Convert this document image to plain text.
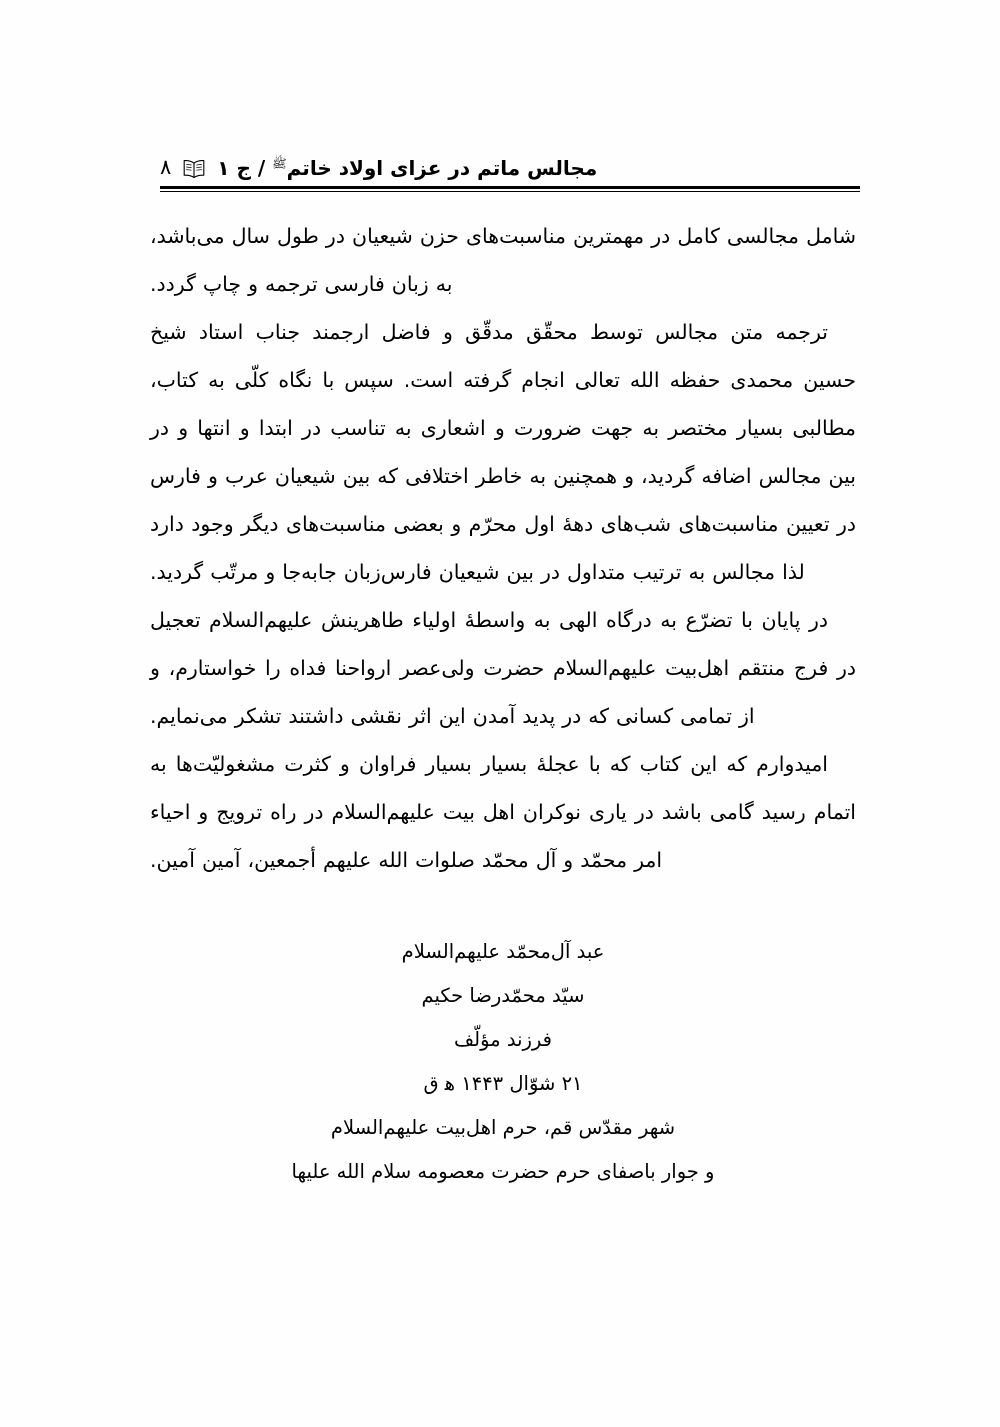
۸	مجالس ماتم در عزای اولاد خاتم$^ﷺ$ / ج ۱

شامل مجالسی کامل در مهمترین مناسبت‌های حزن شیعیان در طول سال می‌باشد، به زبان فارسی ترجمه و چاپ گردد.

ترجمه متن مجالس توسط محقّق مدقّق و فاضل ارجمند جناب استاد شیخ حسین محمدی حفظه الله تعالی انجام گرفته است. سپس با نگاه کلّی به کتاب، مطالبی بسیار مختصر به جهت ضرورت و اشعاری به تناسب در ابتدا و انتها و در بین مجالس اضافه گردید، و همچنین به خاطر اختلافی که بین شیعیان عرب و فارس در تعیین مناسبت‌های شب‌های دههٔ اول محرّم و بعضی مناسبت‌های دیگر وجود دارد لذا مجالس به ترتیب متداول در بین شیعیان فارس‌زبان جابه‌جا و مرتّب گردید.

در پایان با تضرّع به درگاه الهی به واسطهٔ اولیاء طاهرینش علیهم‌السلام تعجیل در فرج منتقم اهل‌بیت علیهم‌السلام حضرت ولی‌عصر ارواحنا فداه را خواستارم، و از تمامی کسانی که در پدید آمدن این اثر نقشی داشتند تشکر می‌نمایم.

امیدوارم که این کتاب که با عجلهٔ بسیار بسیار فراوان و کثرت مشغولیّت‌ها به اتمام رسید گامی باشد در یاری نوکران اهل بیت علیهم‌السلام در راه ترویج و احیاء امر محمّد و آل محمّد صلوات الله علیهم أجمعین، آمین آمین.

عبد آل‌محمّد علیهم‌السلام
سیّد محمّدرضا حکیم
فرزند مؤلّف
۲۱ شوّال ۱۴۴۳ ه‍ ق
شهر مقدّس قم، حرم اهل‌بیت علیهم‌السلام
و جوار باصفای حرم حضرت معصومه سلام الله علیها
